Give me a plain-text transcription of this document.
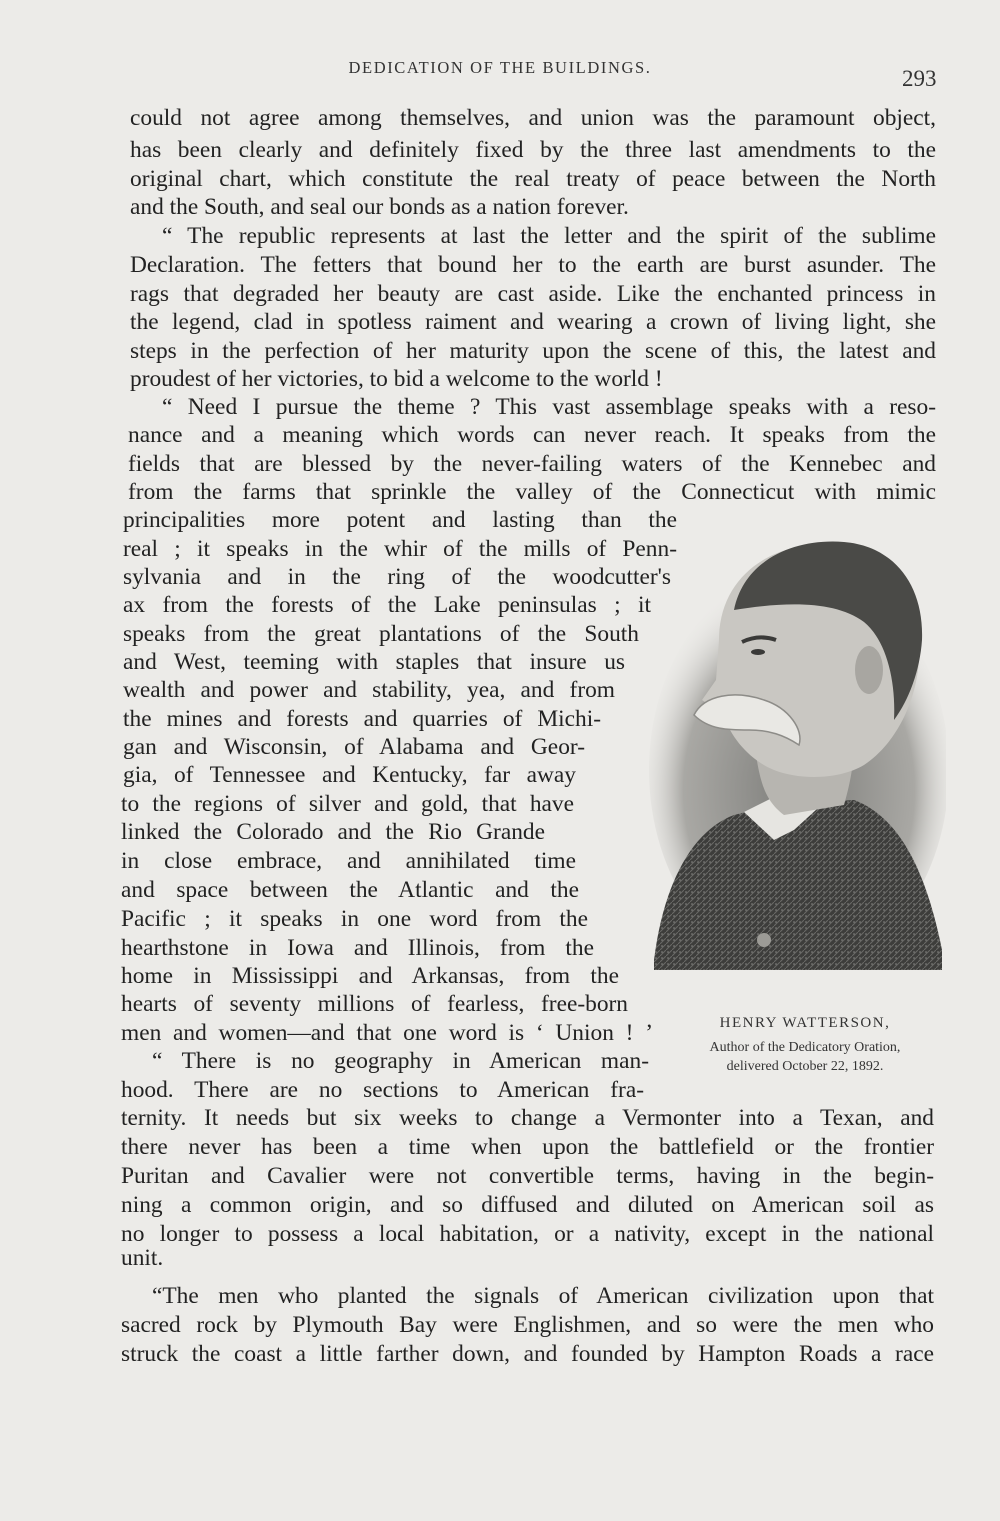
DEDICATION OF THE BUILDINGS.	293
could not agree among themselves, and union was the paramount object,
has been clearly and definitely fixed by the three last amendments to the
original chart, which constitute the real treaty of peace between the North
and the South, and seal our bonds as a nation forever.
“ The republic represents at last the letter and the spirit of the sublime
Declaration. The fetters that bound her to the earth are burst asunder. The
rags that degraded her beauty are cast aside. Like the enchanted princess in
the legend, clad in spotless raiment and wearing a crown of living light, she
steps in the perfection of her maturity upon the scene of this, the latest and
proudest of her victories, to bid a welcome to the world !
“ Need I pursue the theme ? This vast assemblage speaks with a reso-
nance and a meaning which words can never reach. It speaks from the
fields that are blessed by the never-failing waters of the Kennebec and
from the farms that sprinkle the valley of the Connecticut with mimic
principalities more potent and lasting than the
real ; it speaks in the whir of the mills of Penn-
sylvania and in the ring of the woodcutter's
ax from the forests of the Lake peninsulas ; it
speaks from the great plantations of the South
and West, teeming with staples that insure us
wealth and power and stability, yea, and from
the mines and forests and quarries of Michi-
gan and Wisconsin, of Alabama and Geor-
gia, of Tennessee and Kentucky, far away
to the regions of silver and gold, that have
linked the Colorado and the Rio Grande
in close embrace, and annihilated time
and space between the Atlantic and the
Pacific ; it speaks in one word from the
hearthstone in Iowa and Illinois, from the
home in Mississippi and Arkansas, from the
hearts of seventy millions of fearless, free-born
men and women—and that one word is ‘ Union ! ’
“ There is no geography in American man-
hood. There are no sections to American fra-
ternity. It needs but six weeks to change a Vermonter into a Texan, and
there never has been a time when upon the battlefield or the frontier
Puritan and Cavalier were not convertible terms, having in the begin-
ning a common origin, and so diffused and diluted on American soil as
no longer to possess a local habitation, or a nativity, except in the national
unit.
“The men who planted the signals of American civilization upon that
sacred rock by Plymouth Bay were Englishmen, and so were the men who
struck the coast a little farther down, and founded by Hampton Roads a race
HENRY WATTERSON,
Author of the Dedicatory Oration,
delivered October 22, 1892.
